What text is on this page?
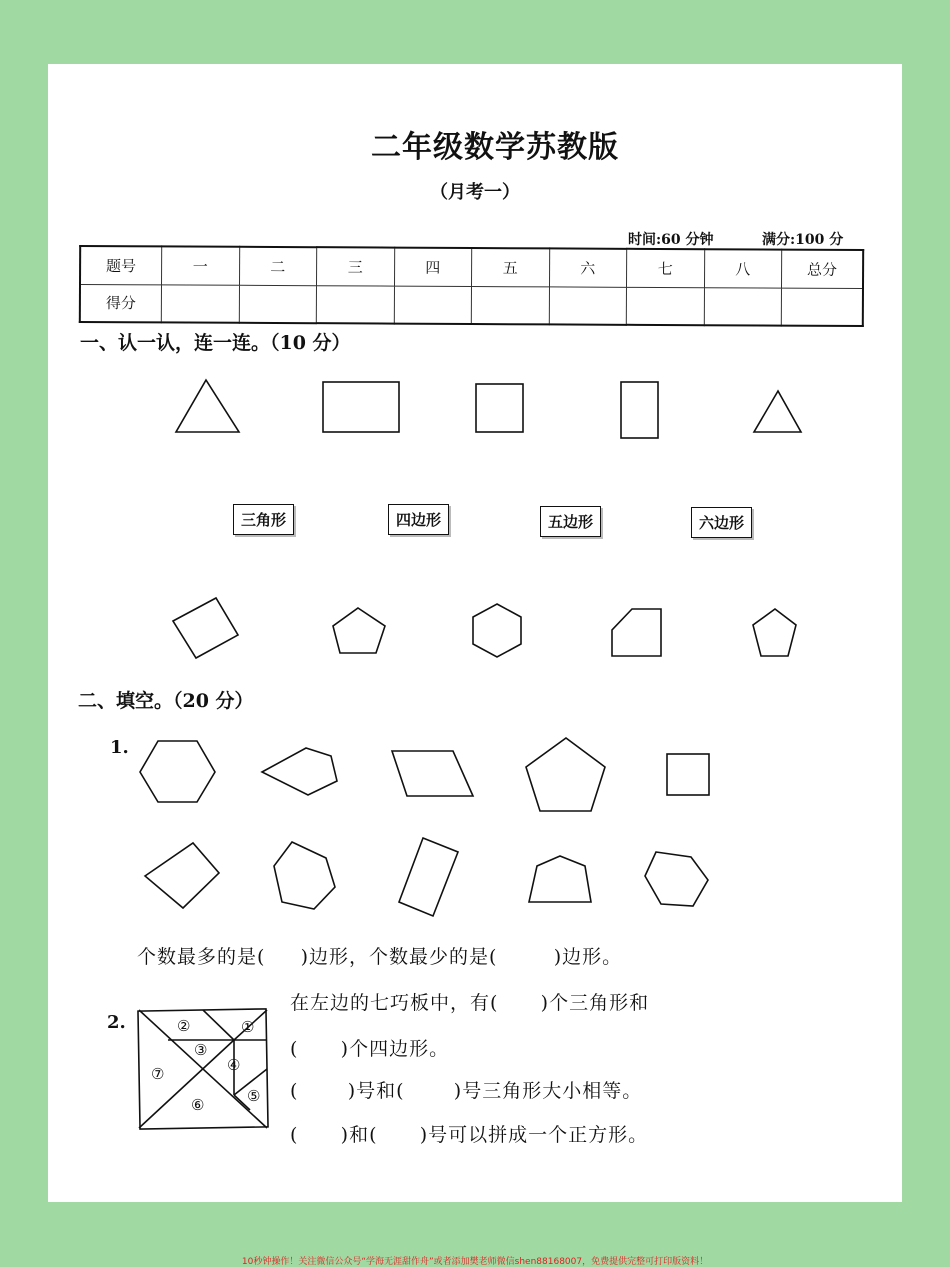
二年级数学苏教版
（月考一）
时间:60 分钟	满分:100 分
题号	一	二	三	四	五	六	七	八	总分
得分									
一、认一认，连一连。（10 分）
三角形	四边形	五边形	六边形
二、填空。（20 分）
1.
个数最多的是(     )边形，个数最少的是(        )边形。
2.
在左边的七巧板中，有(      )个三角形和
(      )个四边形。
(       )号和(       )号三角形大小相等。
(      )和(      )号可以拼成一个正方形。
②	①
③
④
⑦
⑤
⑥
10秒钟操作！关注微信公众号“学海无涯甜作舟”或者添加樊老师微信shen88168007，免费提供完整可打印版资料！
